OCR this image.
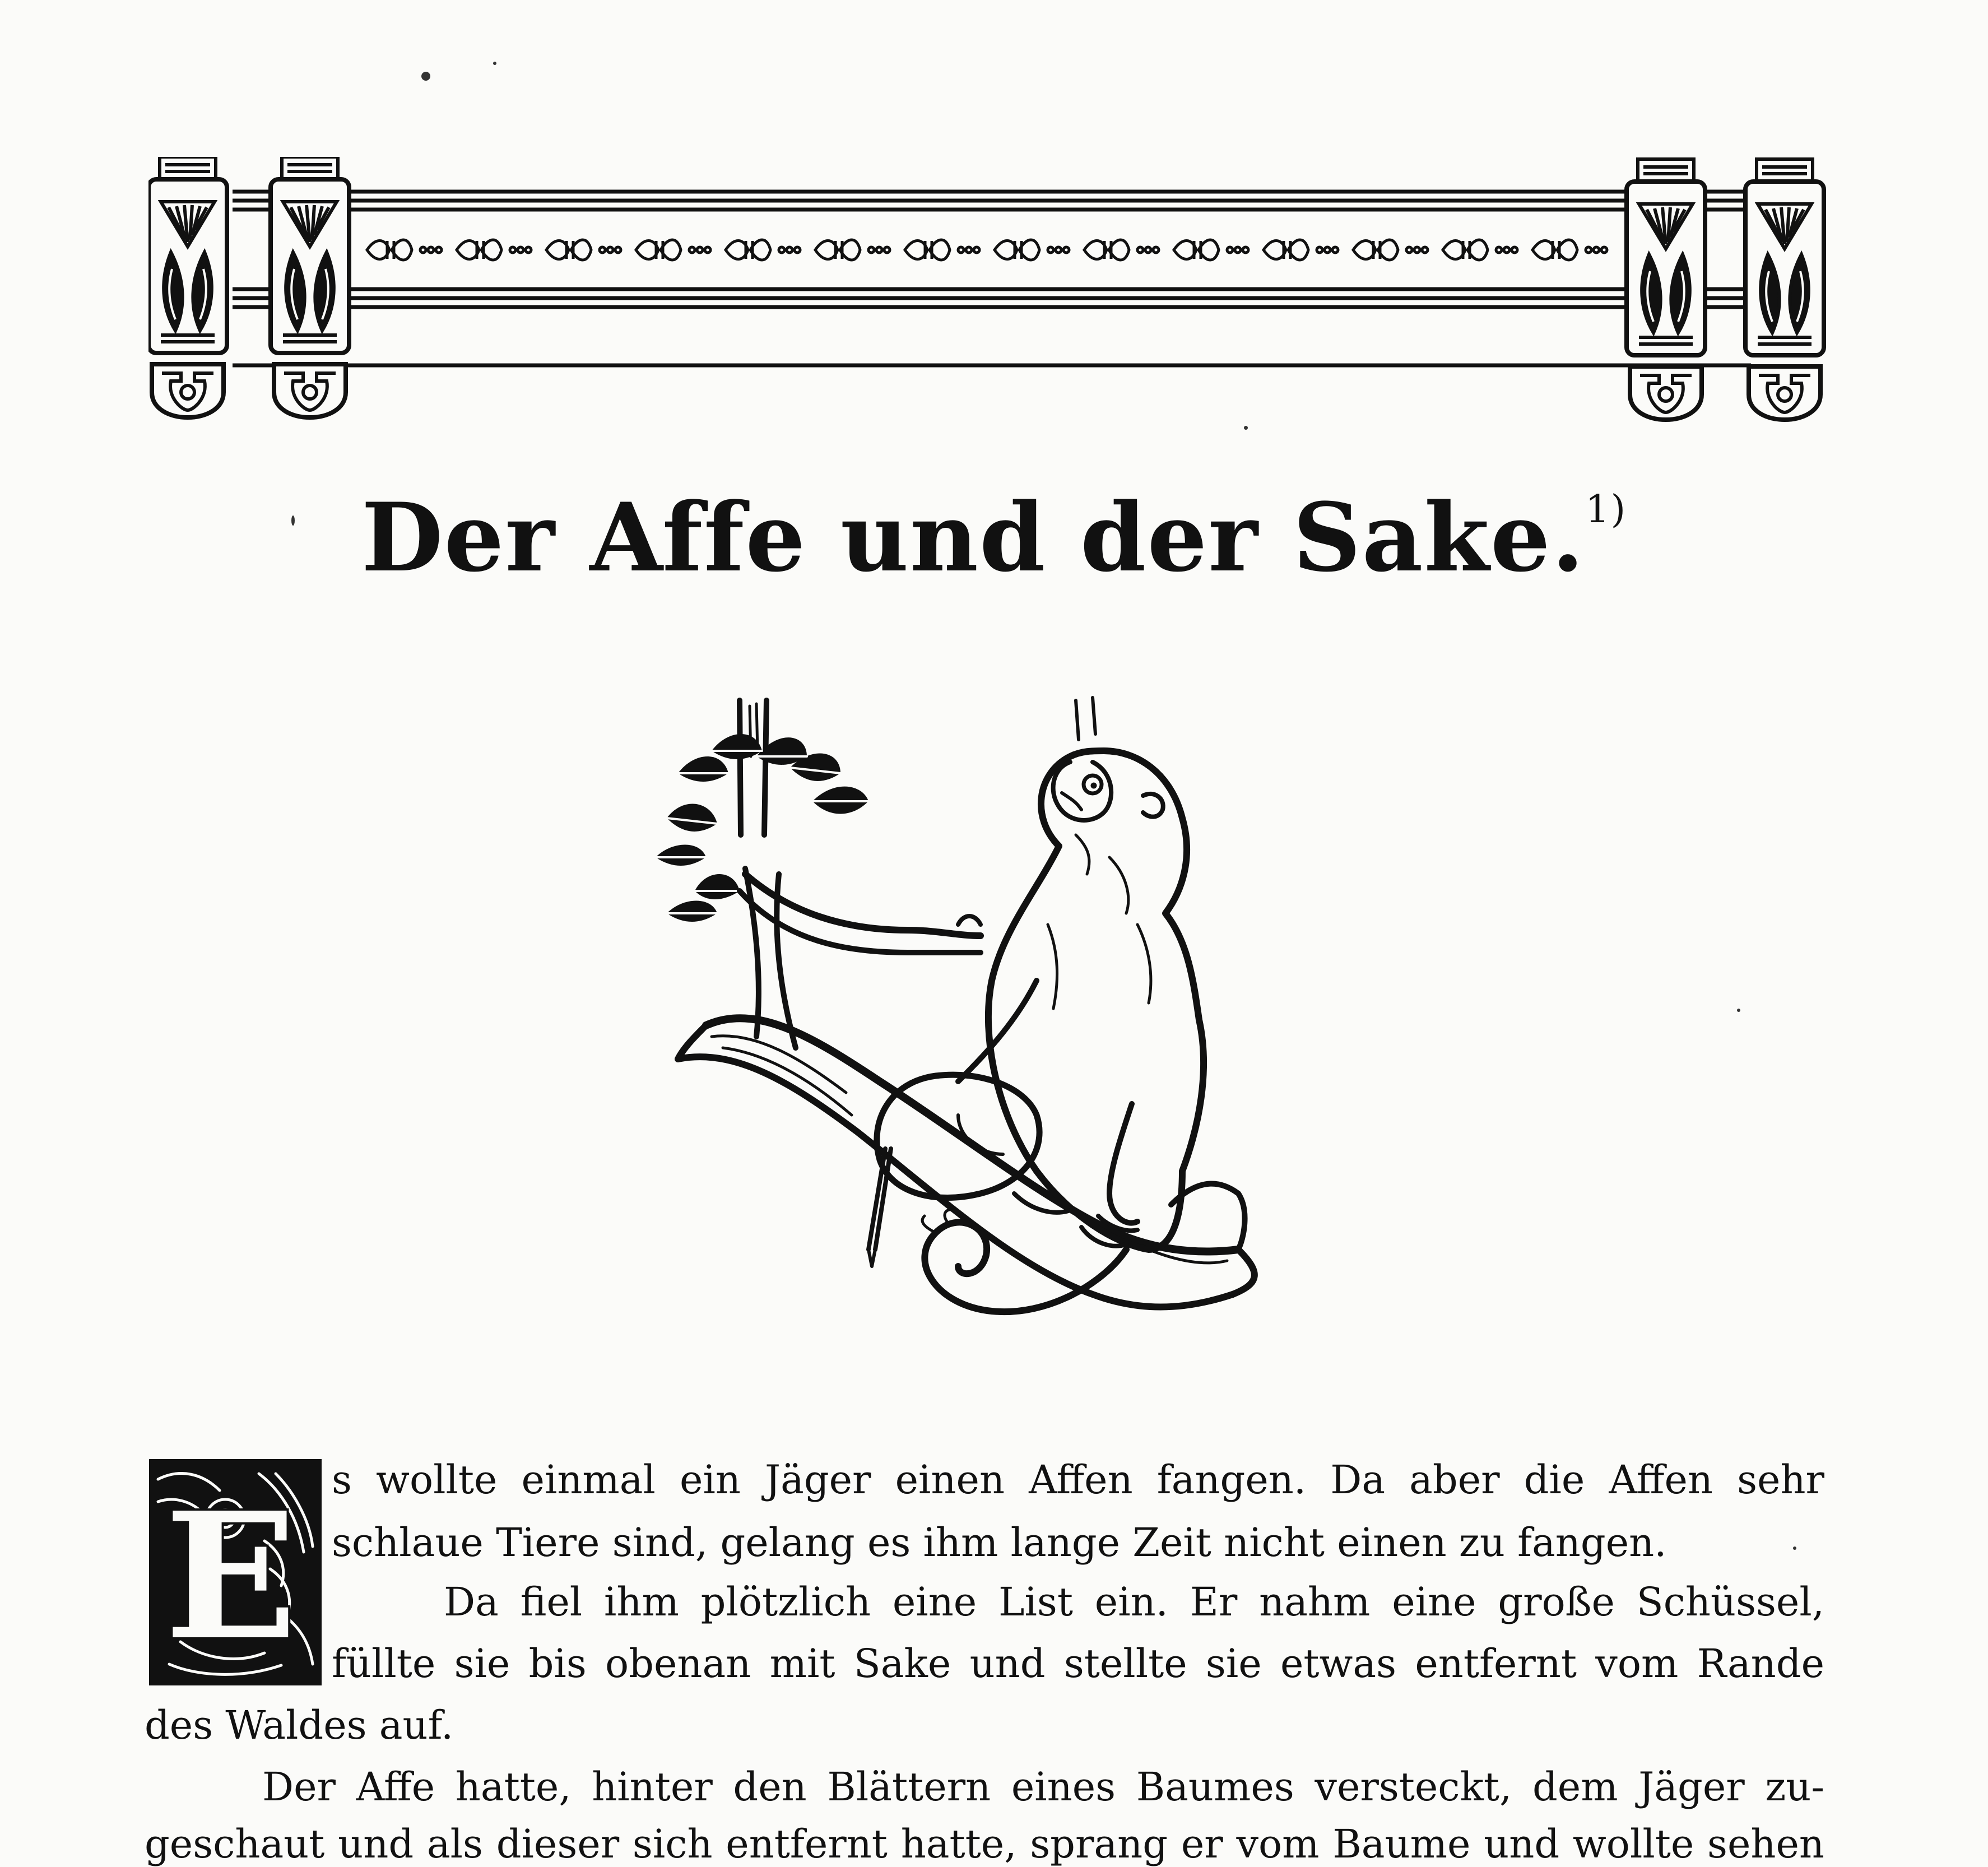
Der Affe und der Sake.$^{1)}$
E s wollte einmal ein Jäger einen Affen fangen. Da aber die Affen sehr
schlaue Tiere sind, gelang es ihm lange Zeit nicht einen zu fangen.
Da fiel ihm plötzlich eine List ein. Er nahm eine große Schüssel,
füllte sie bis obenan mit Sake und stellte sie etwas entfernt vom Rande
des Waldes auf.
Der Affe hatte, hinter den Blättern eines Baumes versteckt, dem Jäger zu-
geschaut und als dieser sich entfernt hatte, sprang er vom Baume und wollte sehen
